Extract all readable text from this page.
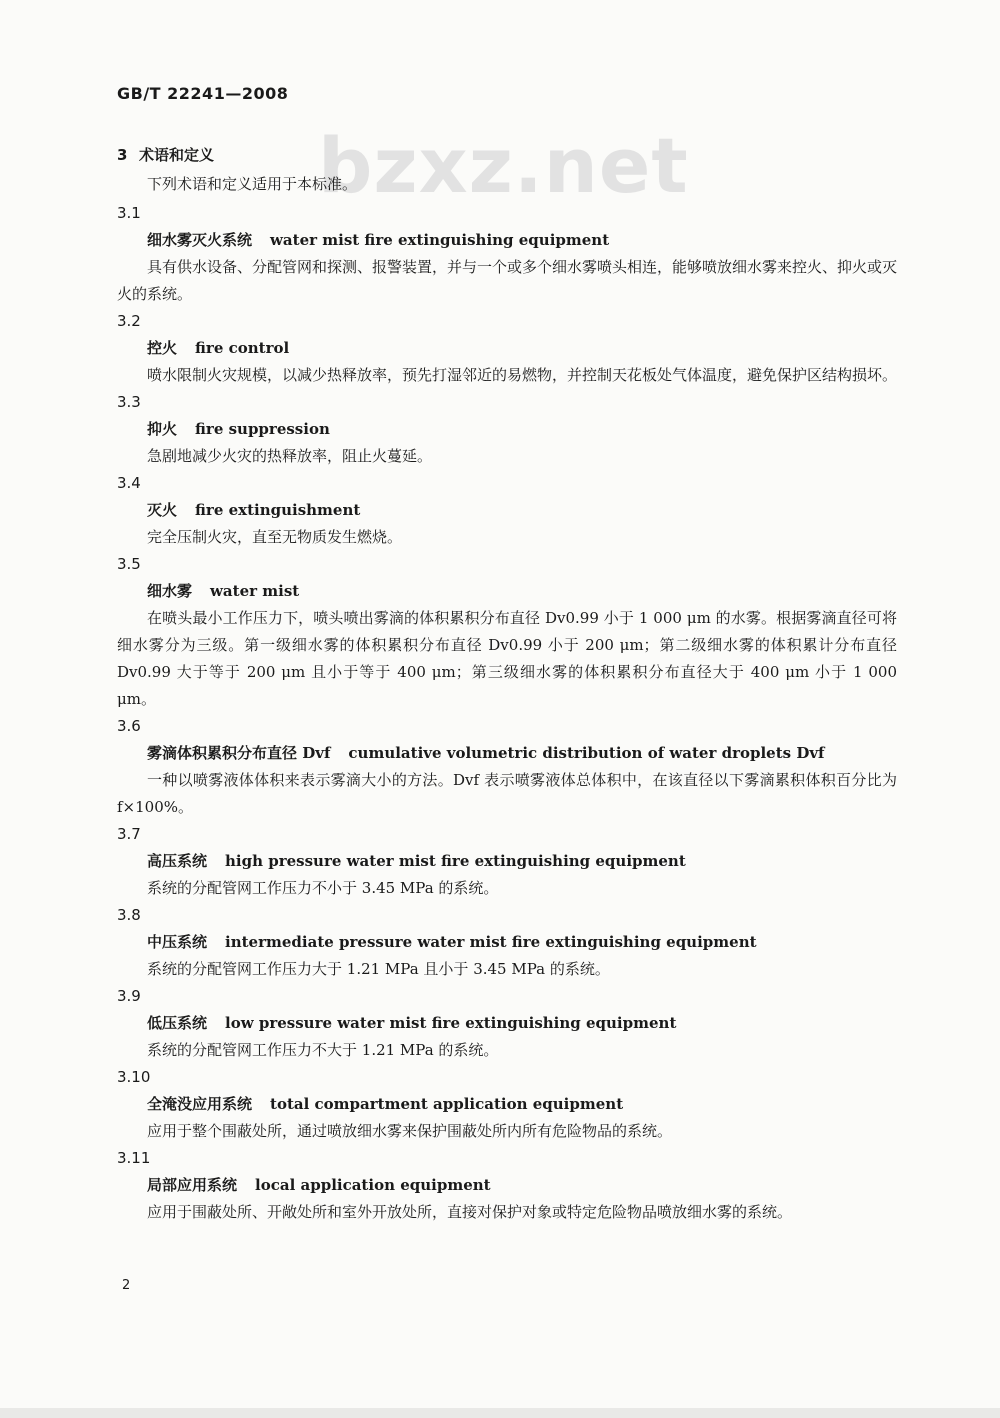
GB/T 22241—2008
bzxz.net
3 术语和定义
下列术语和定义适用于本标准。
3.1
细水雾灭火系统 water mist fire extinguishing equipment
具有供水设备、分配管网和探测、报警装置，并与一个或多个细水雾喷头相连，能够喷放细水雾来控火、抑火或灭火的系统。
3.2
控火 fire control
喷水限制火灾规模，以减少热释放率，预先打湿邻近的易燃物，并控制天花板处气体温度，避免保护区结构损坏。
3.3
抑火 fire suppression
急剧地减少火灾的热释放率，阻止火蔓延。
3.4
灭火 fire extinguishment
完全压制火灾，直至无物质发生燃烧。
3.5
细水雾 water mist
在喷头最小工作压力下，喷头喷出雾滴的体积累积分布直径 Dv0.99 小于 1 000 μm 的水雾。根据雾滴直径可将细水雾分为三级。第一级细水雾的体积累积分布直径 Dv0.99 小于 200 μm；第二级细水雾的体积累计分布直径 Dv0.99 大于等于 200 μm 且小于等于 400 μm；第三级细水雾的体积累积分布直径大于 400 μm 小于 1 000 μm。
3.6
雾滴体积累积分布直径 Dvf cumulative volumetric distribution of water droplets Dvf
一种以喷雾液体体积来表示雾滴大小的方法。Dvf 表示喷雾液体总体积中，在该直径以下雾滴累积体积百分比为 f×100%。
3.7
高压系统 high pressure water mist fire extinguishing equipment
系统的分配管网工作压力不小于 3.45 MPa 的系统。
3.8
中压系统 intermediate pressure water mist fire extinguishing equipment
系统的分配管网工作压力大于 1.21 MPa 且小于 3.45 MPa 的系统。
3.9
低压系统 low pressure water mist fire extinguishing equipment
系统的分配管网工作压力不大于 1.21 MPa 的系统。
3.10
全淹没应用系统 total compartment application equipment
应用于整个围蔽处所，通过喷放细水雾来保护围蔽处所内所有危险物品的系统。
3.11
局部应用系统 local application equipment
应用于围蔽处所、开敞处所和室外开放处所，直接对保护对象或特定危险物品喷放细水雾的系统。
2
